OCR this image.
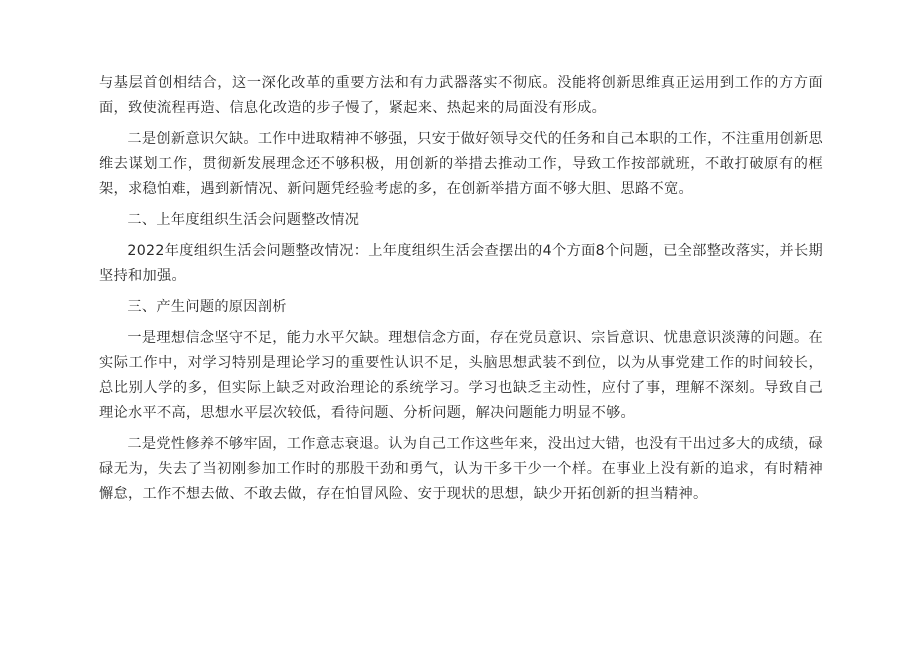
与基层首创相结合，这一深化改革的重要方法和有力武器落实不彻底。没能将创新思维真正运用到工作的方方面面，致使流程再造、信息化改造的步子慢了，紧起来、热起来的局面没有形成。

二是创新意识欠缺。工作中进取精神不够强，只安于做好领导交代的任务和自己本职的工作，不注重用创新思维去谋划工作，贯彻新发展理念还不够积极，用创新的举措去推动工作，导致工作按部就班，不敢打破原有的框架，求稳怕难，遇到新情况、新问题凭经验考虑的多，在创新举措方面不够大胆、思路不宽。

二、上年度组织生活会问题整改情况

2022年度组织生活会问题整改情况：上年度组织生活会查摆出的4个方面8个问题，已全部整改落实，并长期坚持和加强。

三、产生问题的原因剖析

一是理想信念坚守不足，能力水平欠缺。理想信念方面，存在党员意识、宗旨意识、忧患意识淡薄的问题。在实际工作中，对学习特别是理论学习的重要性认识不足，头脑思想武装不到位，以为从事党建工作的时间较长，总比别人学的多，但实际上缺乏对政治理论的系统学习。学习也缺乏主动性，应付了事，理解不深刻。导致自己理论水平不高，思想水平层次较低，看待问题、分析问题，解决问题能力明显不够。

二是党性修养不够牢固，工作意志衰退。认为自己工作这些年来，没出过大错，也没有干出过多大的成绩，碌碌无为，失去了当初刚参加工作时的那股干劲和勇气，认为干多干少一个样。在事业上没有新的追求，有时精神懈怠，工作不想去做、不敢去做，存在怕冒风险、安于现状的思想，缺少开拓创新的担当精神。
